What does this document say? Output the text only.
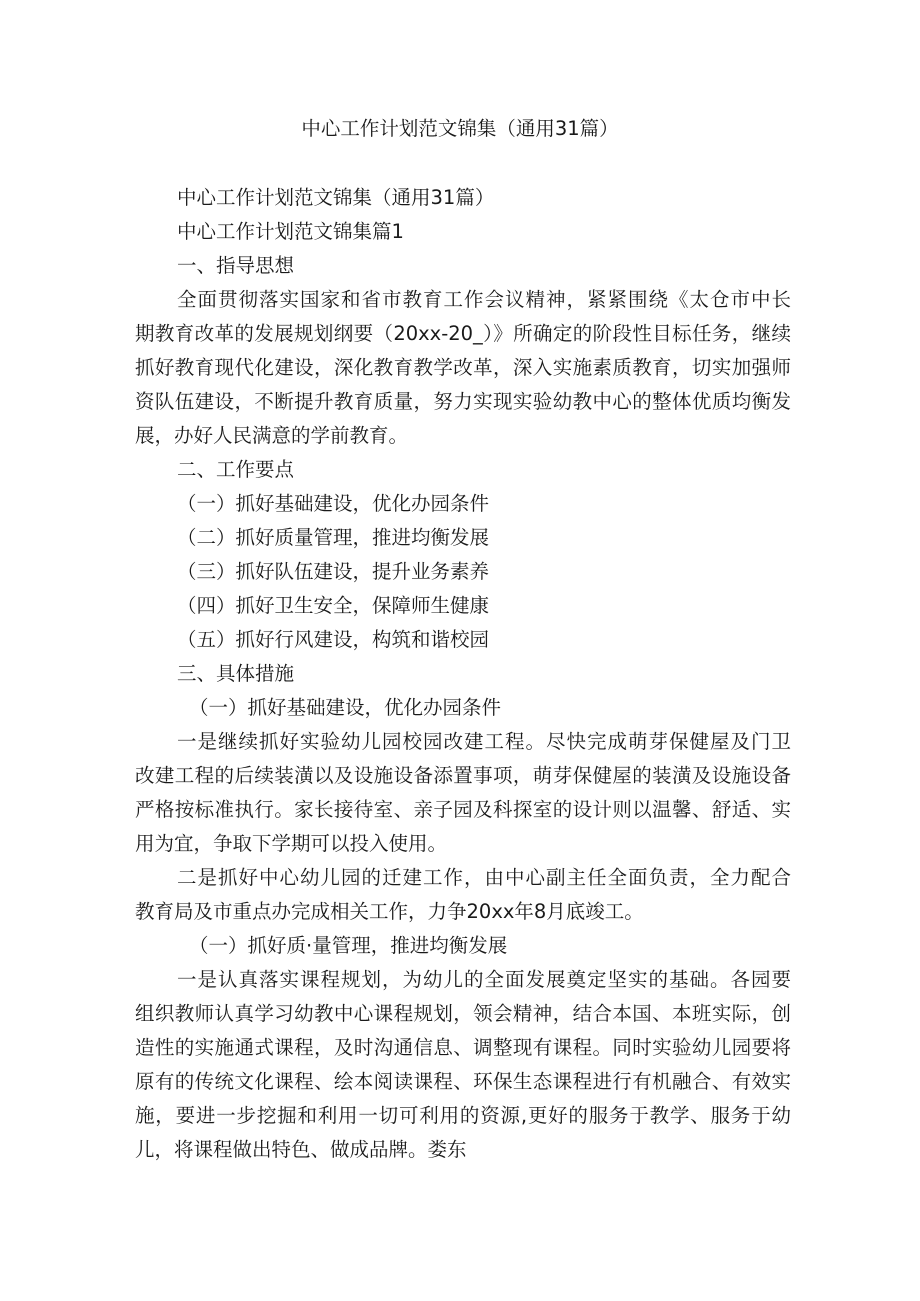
中心工作计划范文锦集（通用31篇）
中心工作计划范文锦集（通用31篇）
中心工作计划范文锦集篇1
一、指导思想
全面贯彻落实国家和省市教育工作会议精神，紧紧围绕《太仓市中长
期教育改革的发展规划纲要（20xx-20_）》所确定的阶段性目标任务，继续
抓好教育现代化建设，深化教育教学改革，深入实施素质教育，切实加强师
资队伍建设，不断提升教育质量，努力实现实验幼教中心的整体优质均衡发
展，办好人民满意的学前教育。
二、工作要点
（一）抓好基础建设，优化办园条件
（二）抓好质量管理，推进均衡发展
（三）抓好队伍建设，提升业务素养
（四）抓好卫生安全，保障师生健康
（五）抓好行风建设，构筑和谐校园
三、具体措施
（一）抓好基础建设，优化办园条件
一是继续抓好实验幼儿园校园改建工程。尽快完成萌芽保健屋及门卫
改建工程的后续装潢以及设施设备添置事项，萌芽保健屋的装潢及设施设备
严格按标准执行。家长接待室、亲子园及科探室的设计则以温馨、舒适、实
用为宜，争取下学期可以投入使用。
二是抓好中心幼儿园的迁建工作，由中心副主任全面负责，全力配合
教育局及市重点办完成相关工作，力争20xx年8月底竣工。
（一）抓好质·量管理，推进均衡发展
一是认真落实课程规划，为幼儿的全面发展奠定坚实的基础。各园要
组织教师认真学习幼教中心课程规划，领会精神，结合本国、本班实际，创
造性的实施通式课程，及时沟通信息、调整现有课程。同时实验幼儿园要将
原有的传统文化课程、绘本阅读课程、环保生态课程进行有机融合、有效实
施，要进一步挖掘和利用一切可利用的资源,更好的服务于教学、服务于幼
儿，将课程做出特色、做成品牌。娄东
